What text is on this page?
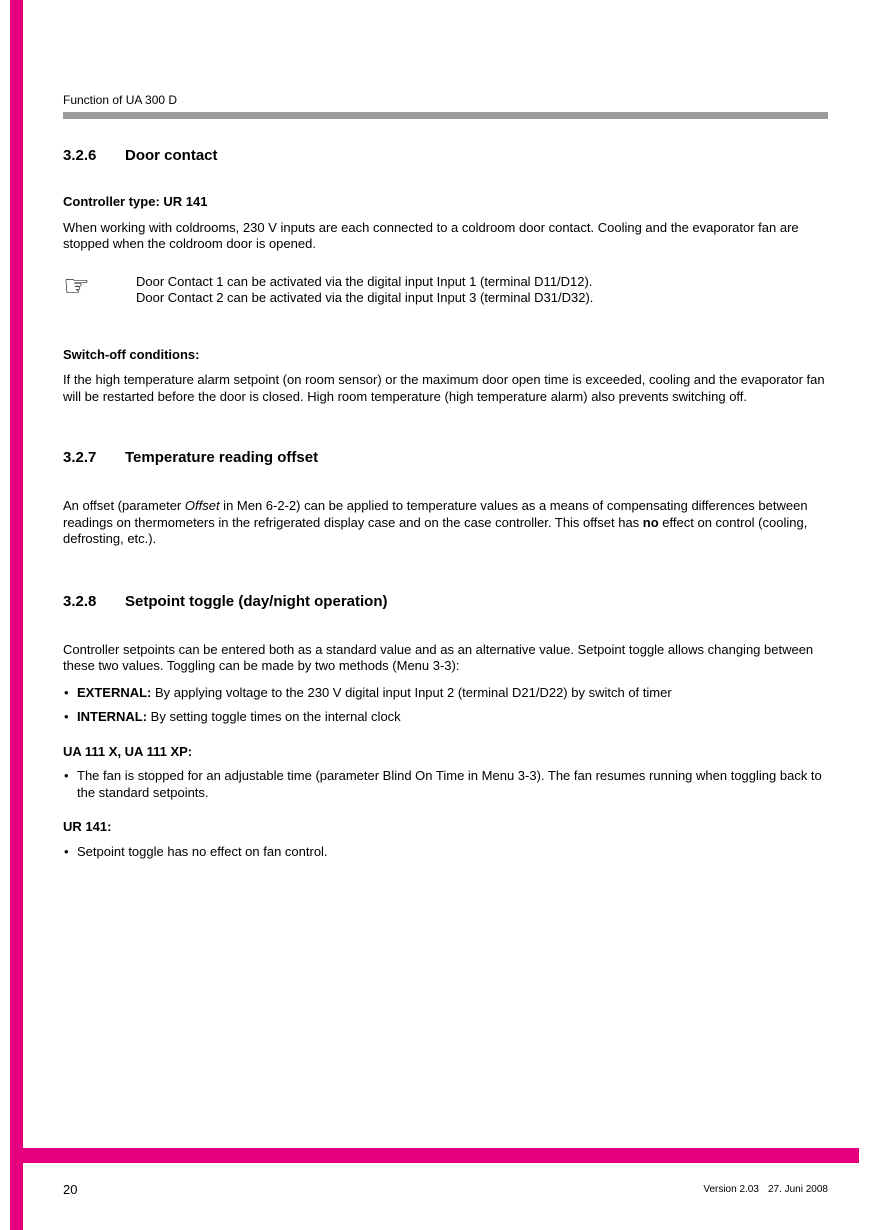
Function of UA 300 D
3.2.6 Door contact
Controller type: UR 141
When working with coldrooms, 230 V inputs are each connected to a coldroom door contact. Cooling and the evaporator fan are stopped when the coldroom door is opened.
☞	Door Contact 1 can be activated via the digital input Input 1 (terminal D11/D12).
Door Contact 2 can be activated via the digital input Input 3 (terminal D31/D32).
Switch-off conditions:
If the high temperature alarm setpoint (on room sensor) or the maximum door open time is exceeded, cooling and the evaporator fan will be restarted before the door is closed. High room temperature (high temperature alarm) also prevents switching off.
3.2.7 Temperature reading offset
An offset (parameter Offset in Men 6-2-2) can be applied to temperature values as a means of compensating differences between readings on thermometers in the refrigerated display case and on the case controller. This offset has no effect on control (cooling, defrosting, etc.).
3.2.8 Setpoint toggle (day/night operation)
Controller setpoints can be entered both as a standard value and as an alternative value. Setpoint toggle allows changing between these two values. Toggling can be made by two methods (Menu 3-3):
• EXTERNAL: By applying voltage to the 230 V digital input Input 2 (terminal D21/D22) by switch of timer
• INTERNAL: By setting toggle times on the internal clock
UA 111 X, UA 111 XP:
• The fan is stopped for an adjustable time (parameter Blind On Time in Menu 3-3). The fan resumes running when toggling back to the standard setpoints.
UR 141:
• Setpoint toggle has no effect on fan control.
20	Version 2.03 27. Juni 2008
